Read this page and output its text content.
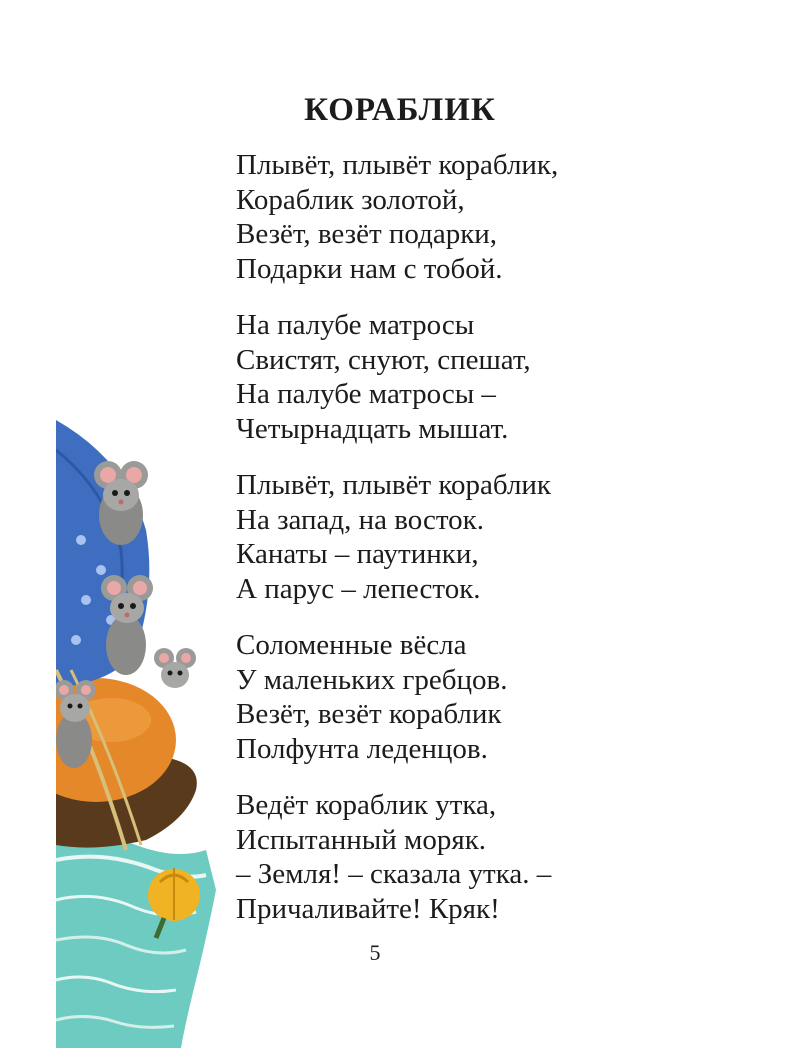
КОРАБЛИК
Плывёт, плывёт кораблик,
Кораблик золотой,
Везёт, везёт подарки,
Подарки нам с тобой.
На палубе матросы
Свистят, снуют, спешат,
На палубе матросы –
Четырнадцать мышат.
Плывёт, плывёт кораблик
На запад, на восток.
Канаты – паутинки,
А парус – лепесток.
Соломенные вёсла
У маленьких гребцов.
Везёт, везёт кораблик
Полфунта леденцов.
Ведёт кораблик утка,
Испытанный моряк.
– Земля! – сказала утка. –
Причаливайте! Кряк!
5
